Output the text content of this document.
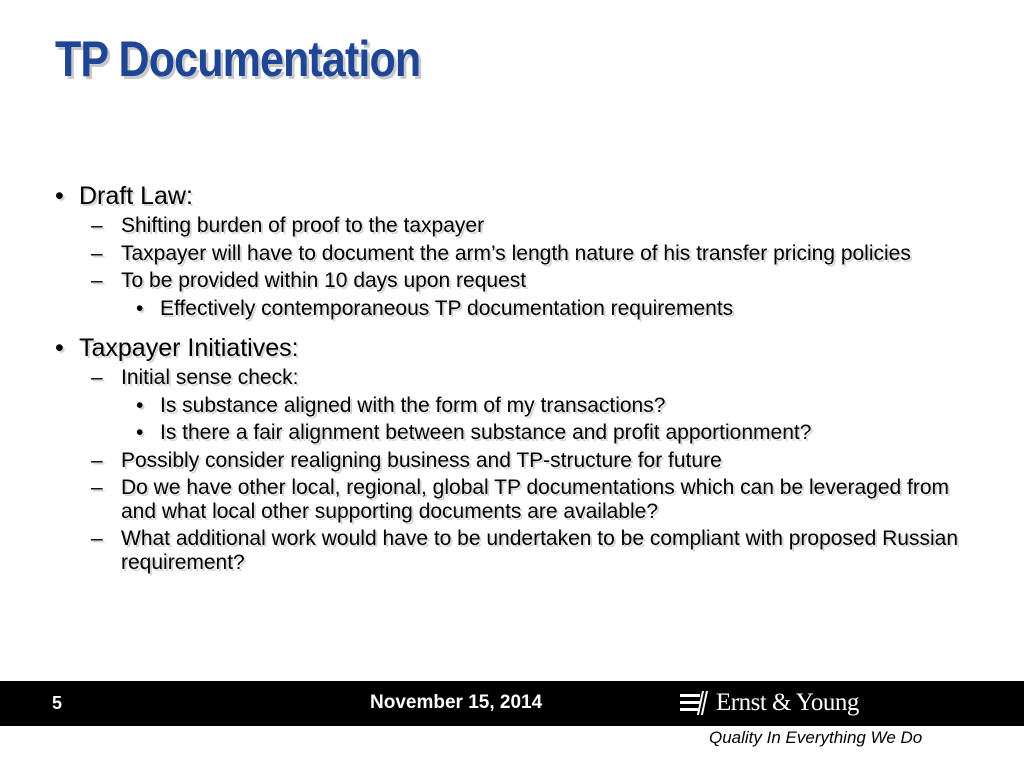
TP Documentation
• Draft Law:
– Shifting burden of proof to the taxpayer
– Taxpayer will have to document the arm’s length nature of his transfer pricing policies
– To be provided within 10 days upon request
• Effectively contemporaneous TP documentation requirements
• Taxpayer Initiatives:
– Initial sense check:
• Is substance aligned with the form of my transactions?
• Is there a fair alignment between substance and profit apportionment?
– Possibly consider realigning business and TP-structure for future
– Do we have other local, regional, global TP documentations which can be leveraged from and what local other supporting documents are available?
– What additional work would have to be undertaken to be compliant with proposed Russian requirement?
5	November 15, 2014	Ernst & Young
Quality In Everything We Do
